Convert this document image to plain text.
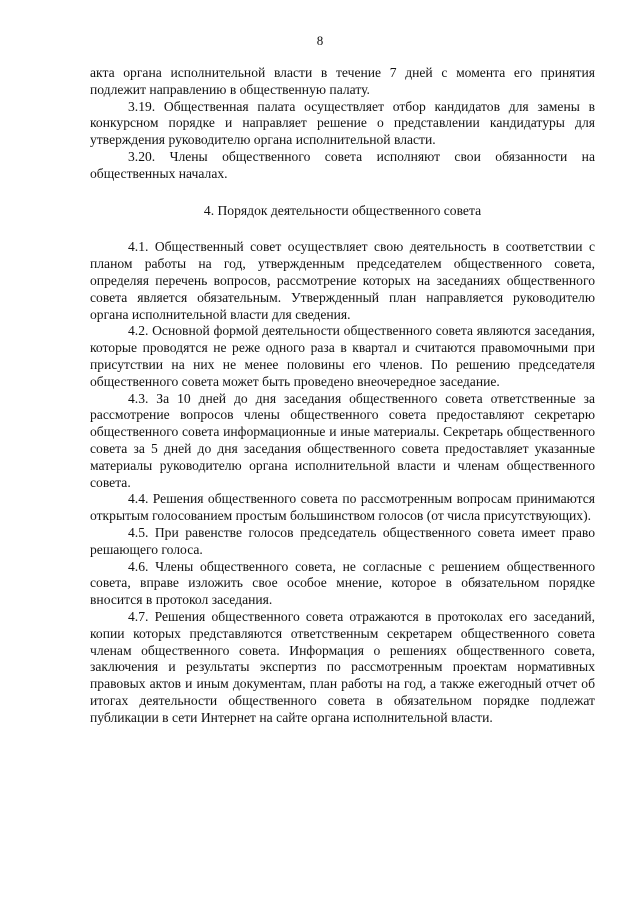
8

акта органа исполнительной власти в течение 7 дней с момента его принятия подлежит направлению в общественную палату.

3.19. Общественная палата осуществляет отбор кандидатов для замены в конкурсном порядке и направляет решение о представлении кандидатуры для утверждения руководителю органа исполнительной власти.

3.20. Члены общественного совета исполняют свои обязанности на общественных началах.

4. Порядок деятельности общественного совета

4.1. Общественный совет осуществляет свою деятельность в соответствии с планом работы на год, утвержденным председателем общественного совета, определяя перечень вопросов, рассмотрение которых на заседаниях общественного совета является обязательным. Утвержденный план направляется руководителю органа исполнительной власти для сведения.

4.2. Основной формой деятельности общественного совета являются заседания, которые проводятся не реже одного раза в квартал и считаются правомочными при присутствии на них не менее половины его членов. По решению председателя общественного совета может быть проведено внеочередное заседание.

4.3. За 10 дней до дня заседания общественного совета ответственные за рассмотрение вопросов члены общественного совета предоставляют секретарю общественного совета информационные и иные материалы. Секретарь общественного совета за 5 дней до дня заседания общественного совета предоставляет указанные материалы руководителю органа исполнительной власти и членам общественного совета.

4.4. Решения общественного совета по рассмотренным вопросам принимаются открытым голосованием простым большинством голосов (от числа присутствующих).

4.5. При равенстве голосов председатель общественного совета имеет право решающего голоса.

4.6. Члены общественного совета, не согласные с решением общественного совета, вправе изложить свое особое мнение, которое в обязательном порядке вносится в протокол заседания.

4.7. Решения общественного совета отражаются в протоколах его заседаний, копии которых представляются ответственным секретарем общественного совета членам общественного совета. Информация о решениях общественного совета, заключения и результаты экспертиз по рассмотренным проектам нормативных правовых актов и иным документам, план работы на год, а также ежегодный отчет об итогах деятельности общественного совета в обязательном порядке подлежат публикации в сети Интернет на сайте органа исполнительной власти.
